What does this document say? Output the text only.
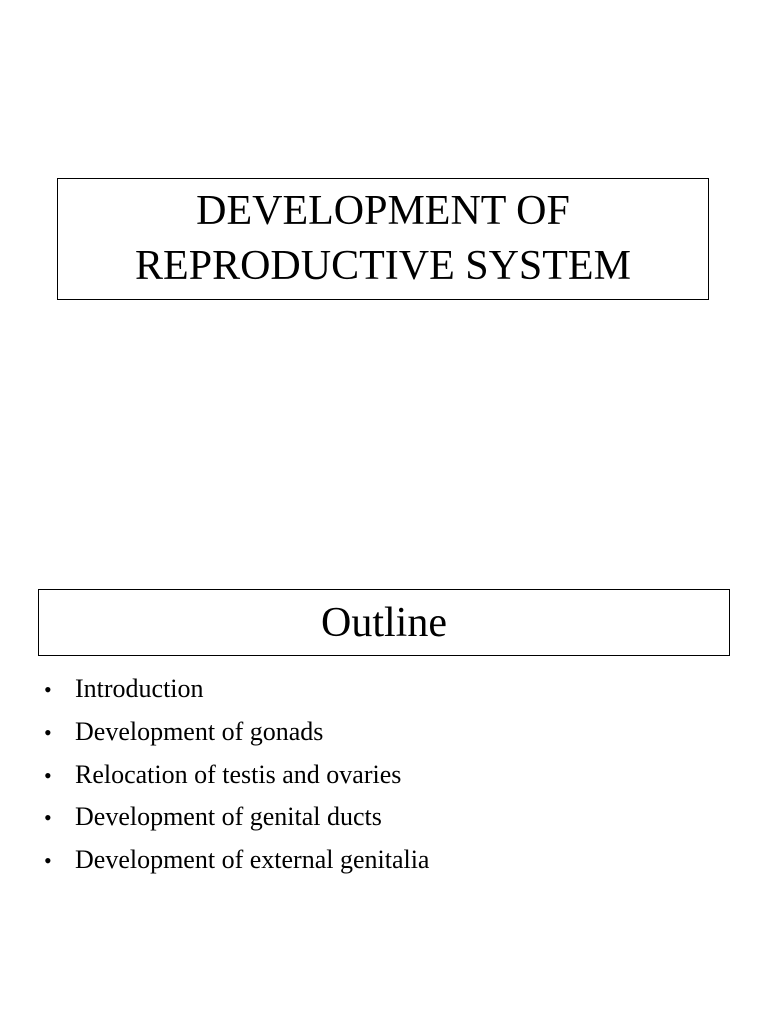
DEVELOPMENT OF
REPRODUCTIVE SYSTEM
Outline
• Introduction
• Development of gonads
• Relocation of testis and ovaries
• Development of genital ducts
• Development of external genitalia
